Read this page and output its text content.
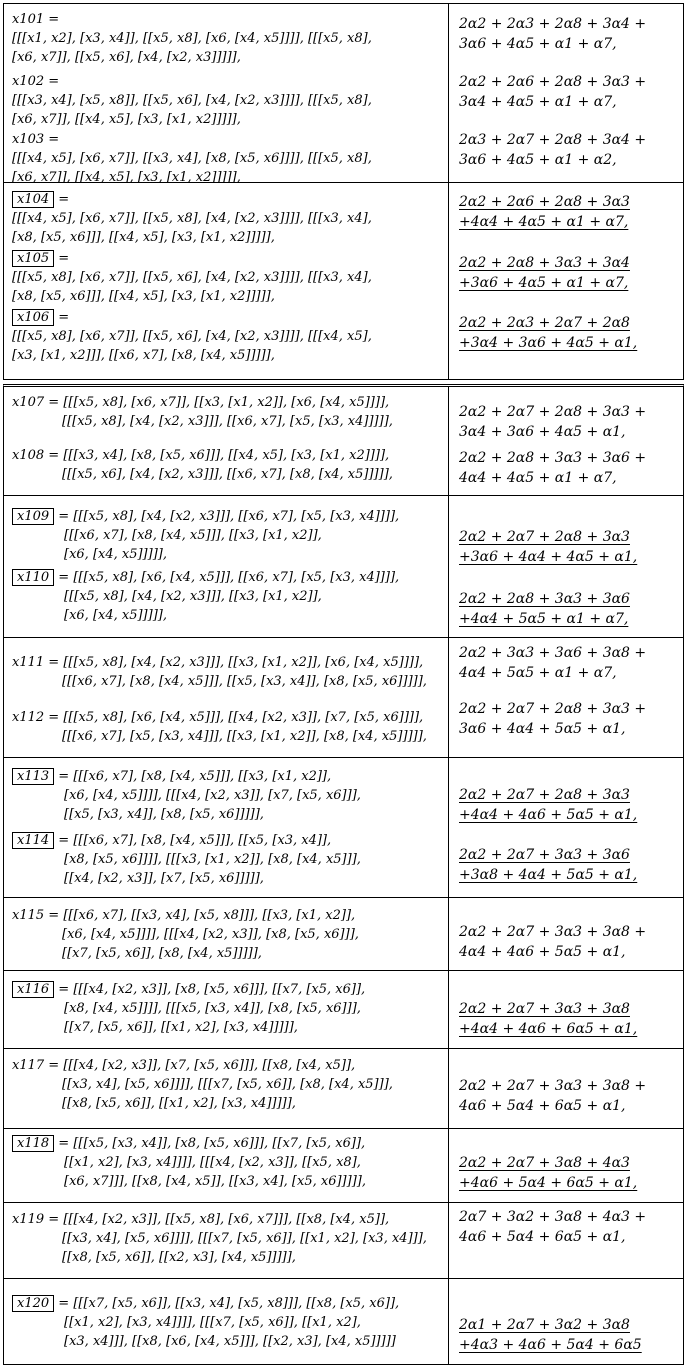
x101 =
[[[x1, x2], [x3, x4]], [[x5, x8], [x6, [x4, x5]]]], [[[x5, x8],
[x6, x7]], [[x5, x6], [x4, [x2, x3]]]]],
x102 =
[[[x3, x4], [x5, x8]], [[x5, x6], [x4, [x2, x3]]]], [[[x5, x8],
[x6, x7]], [[x4, x5], [x3, [x1, x2]]]]],
x103 =
[[[x4, x5], [x6, x7]], [[x3, x4], [x8, [x5, x6]]]], [[[x5, x8],
[x6, x7]], [[x4, x5], [x3, [x1, x2]]]]],
2α2 + 2α3 + 2α8 + 3α4 +
3α6 + 4α5 + α1 + α7,
2α2 + 2α6 + 2α8 + 3α3 +
3α4 + 4α5 + α1 + α7,
2α3 + 2α7 + 2α8 + 3α4 +
3α6 + 4α5 + α1 + α2,
x104 =
[[[x4, x5], [x6, x7]], [[x5, x8], [x4, [x2, x3]]]], [[[x3, x4],
[x8, [x5, x6]]], [[x4, x5], [x3, [x1, x2]]]]],
x105 =
[[[x5, x8], [x6, x7]], [[x5, x6], [x4, [x2, x3]]]], [[[x3, x4],
[x8, [x5, x6]]], [[x4, x5], [x3, [x1, x2]]]]],
x106 =
[[[x5, x8], [x6, x7]], [[x5, x6], [x4, [x2, x3]]]], [[[x4, x5],
[x3, [x1, x2]]], [[x6, x7], [x8, [x4, x5]]]]],
2α2 + 2α6 + 2α8 + 3α3
+4α4 + 4α5 + α1 + α7,
2α2 + 2α8 + 3α3 + 3α4
+3α6 + 4α5 + α1 + α7,
2α2 + 2α3 + 2α7 + 2α8
+3α4 + 3α6 + 4α5 + α1,
x107 = [[[x5, x8], [x6, x7]], [[x3, [x1, x2]], [x6, [x4, x5]]]],
[[[x5, x8], [x4, [x2, x3]]], [[x6, x7], [x5, [x3, x4]]]]],
x108 = [[[x3, x4], [x8, [x5, x6]]], [[x4, x5], [x3, [x1, x2]]]],
[[[x5, x6], [x4, [x2, x3]]], [[x6, x7], [x8, [x4, x5]]]]],
2α2 + 2α7 + 2α8 + 3α3 +
3α4 + 3α6 + 4α5 + α1,
2α2 + 2α8 + 3α3 + 3α6 +
4α4 + 4α5 + α1 + α7,
x109 = [[[x5, x8], [x4, [x2, x3]]], [[x6, x7], [x5, [x3, x4]]]],
[[[x6, x7], [x8, [x4, x5]]], [[x3, [x1, x2]],
[x6, [x4, x5]]]]],
x110 = [[[x5, x8], [x6, [x4, x5]]], [[x6, x7], [x5, [x3, x4]]]],
[[[x5, x8], [x4, [x2, x3]]], [[x3, [x1, x2]],
[x6, [x4, x5]]]]],
2α2 + 2α7 + 2α8 + 3α3
+3α6 + 4α4 + 4α5 + α1,
2α2 + 2α8 + 3α3 + 3α6
+4α4 + 5α5 + α1 + α7,
x111 = [[[x5, x8], [x4, [x2, x3]]], [[x3, [x1, x2]], [x6, [x4, x5]]]],
[[[x6, x7], [x8, [x4, x5]]], [[x5, [x3, x4]], [x8, [x5, x6]]]]],
x112 = [[[x5, x8], [x6, [x4, x5]]], [[x4, [x2, x3]], [x7, [x5, x6]]]],
[[[x6, x7], [x5, [x3, x4]]], [[x3, [x1, x2]], [x8, [x4, x5]]]]],
2α2 + 3α3 + 3α6 + 3α8 +
4α4 + 5α5 + α1 + α7,
2α2 + 2α7 + 2α8 + 3α3 +
3α6 + 4α4 + 5α5 + α1,
x113 = [[[x6, x7], [x8, [x4, x5]]], [[x3, [x1, x2]],
[x6, [x4, x5]]]], [[[x4, [x2, x3]], [x7, [x5, x6]]],
[[x5, [x3, x4]], [x8, [x5, x6]]]]],
x114 = [[[x6, x7], [x8, [x4, x5]]], [[x5, [x3, x4]],
[x8, [x5, x6]]]], [[[x3, [x1, x2]], [x8, [x4, x5]]],
[[x4, [x2, x3]], [x7, [x5, x6]]]]],
2α2 + 2α7 + 2α8 + 3α3
+4α4 + 4α6 + 5α5 + α1,
2α2 + 2α7 + 3α3 + 3α6
+3α8 + 4α4 + 5α5 + α1,
x115 = [[[x6, x7], [[x3, x4], [x5, x8]]], [[x3, [x1, x2]],
[x6, [x4, x5]]]], [[[x4, [x2, x3]], [x8, [x5, x6]]],
[[x7, [x5, x6]], [x8, [x4, x5]]]]],
2α2 + 2α7 + 3α3 + 3α8 +
4α4 + 4α6 + 5α5 + α1,
x116 = [[[x4, [x2, x3]], [x8, [x5, x6]]], [[x7, [x5, x6]],
[x8, [x4, x5]]]], [[[x5, [x3, x4]], [x8, [x5, x6]]],
[[x7, [x5, x6]], [[x1, x2], [x3, x4]]]]],
2α2 + 2α7 + 3α3 + 3α8
+4α4 + 4α6 + 6α5 + α1,
x117 = [[[x4, [x2, x3]], [x7, [x5, x6]]], [[x8, [x4, x5]],
[[x3, x4], [x5, x6]]]], [[[x7, [x5, x6]], [x8, [x4, x5]]],
[[x8, [x5, x6]], [[x1, x2], [x3, x4]]]]],
2α2 + 2α7 + 3α3 + 3α8 +
4α6 + 5α4 + 6α5 + α1,
x118 = [[[x5, [x3, x4]], [x8, [x5, x6]]], [[x7, [x5, x6]],
[[x1, x2], [x3, x4]]]], [[[x4, [x2, x3]], [[x5, x8],
[x6, x7]]], [[x8, [x4, x5]], [[x3, x4], [x5, x6]]]]],
2α2 + 2α7 + 3α8 + 4α3
+4α6 + 5α4 + 6α5 + α1,
x119 = [[[x4, [x2, x3]], [[x5, x8], [x6, x7]]], [[x8, [x4, x5]],
[[x3, x4], [x5, x6]]]], [[[x7, [x5, x6]], [[x1, x2], [x3, x4]]],
[[x8, [x5, x6]], [[x2, x3], [x4, x5]]]]],
2α7 + 3α2 + 3α8 + 4α3 +
4α6 + 5α4 + 6α5 + α1,
x120 = [[[x7, [x5, x6]], [[x3, x4], [x5, x8]]], [[x8, [x5, x6]],
[[x1, x2], [x3, x4]]]], [[[x7, [x5, x6]], [[x1, x2],
[x3, x4]]], [[x8, [x6, [x4, x5]]], [[x2, x3], [x4, x5]]]]]
2α1 + 2α7 + 3α2 + 3α8
+4α3 + 4α6 + 5α4 + 6α5
